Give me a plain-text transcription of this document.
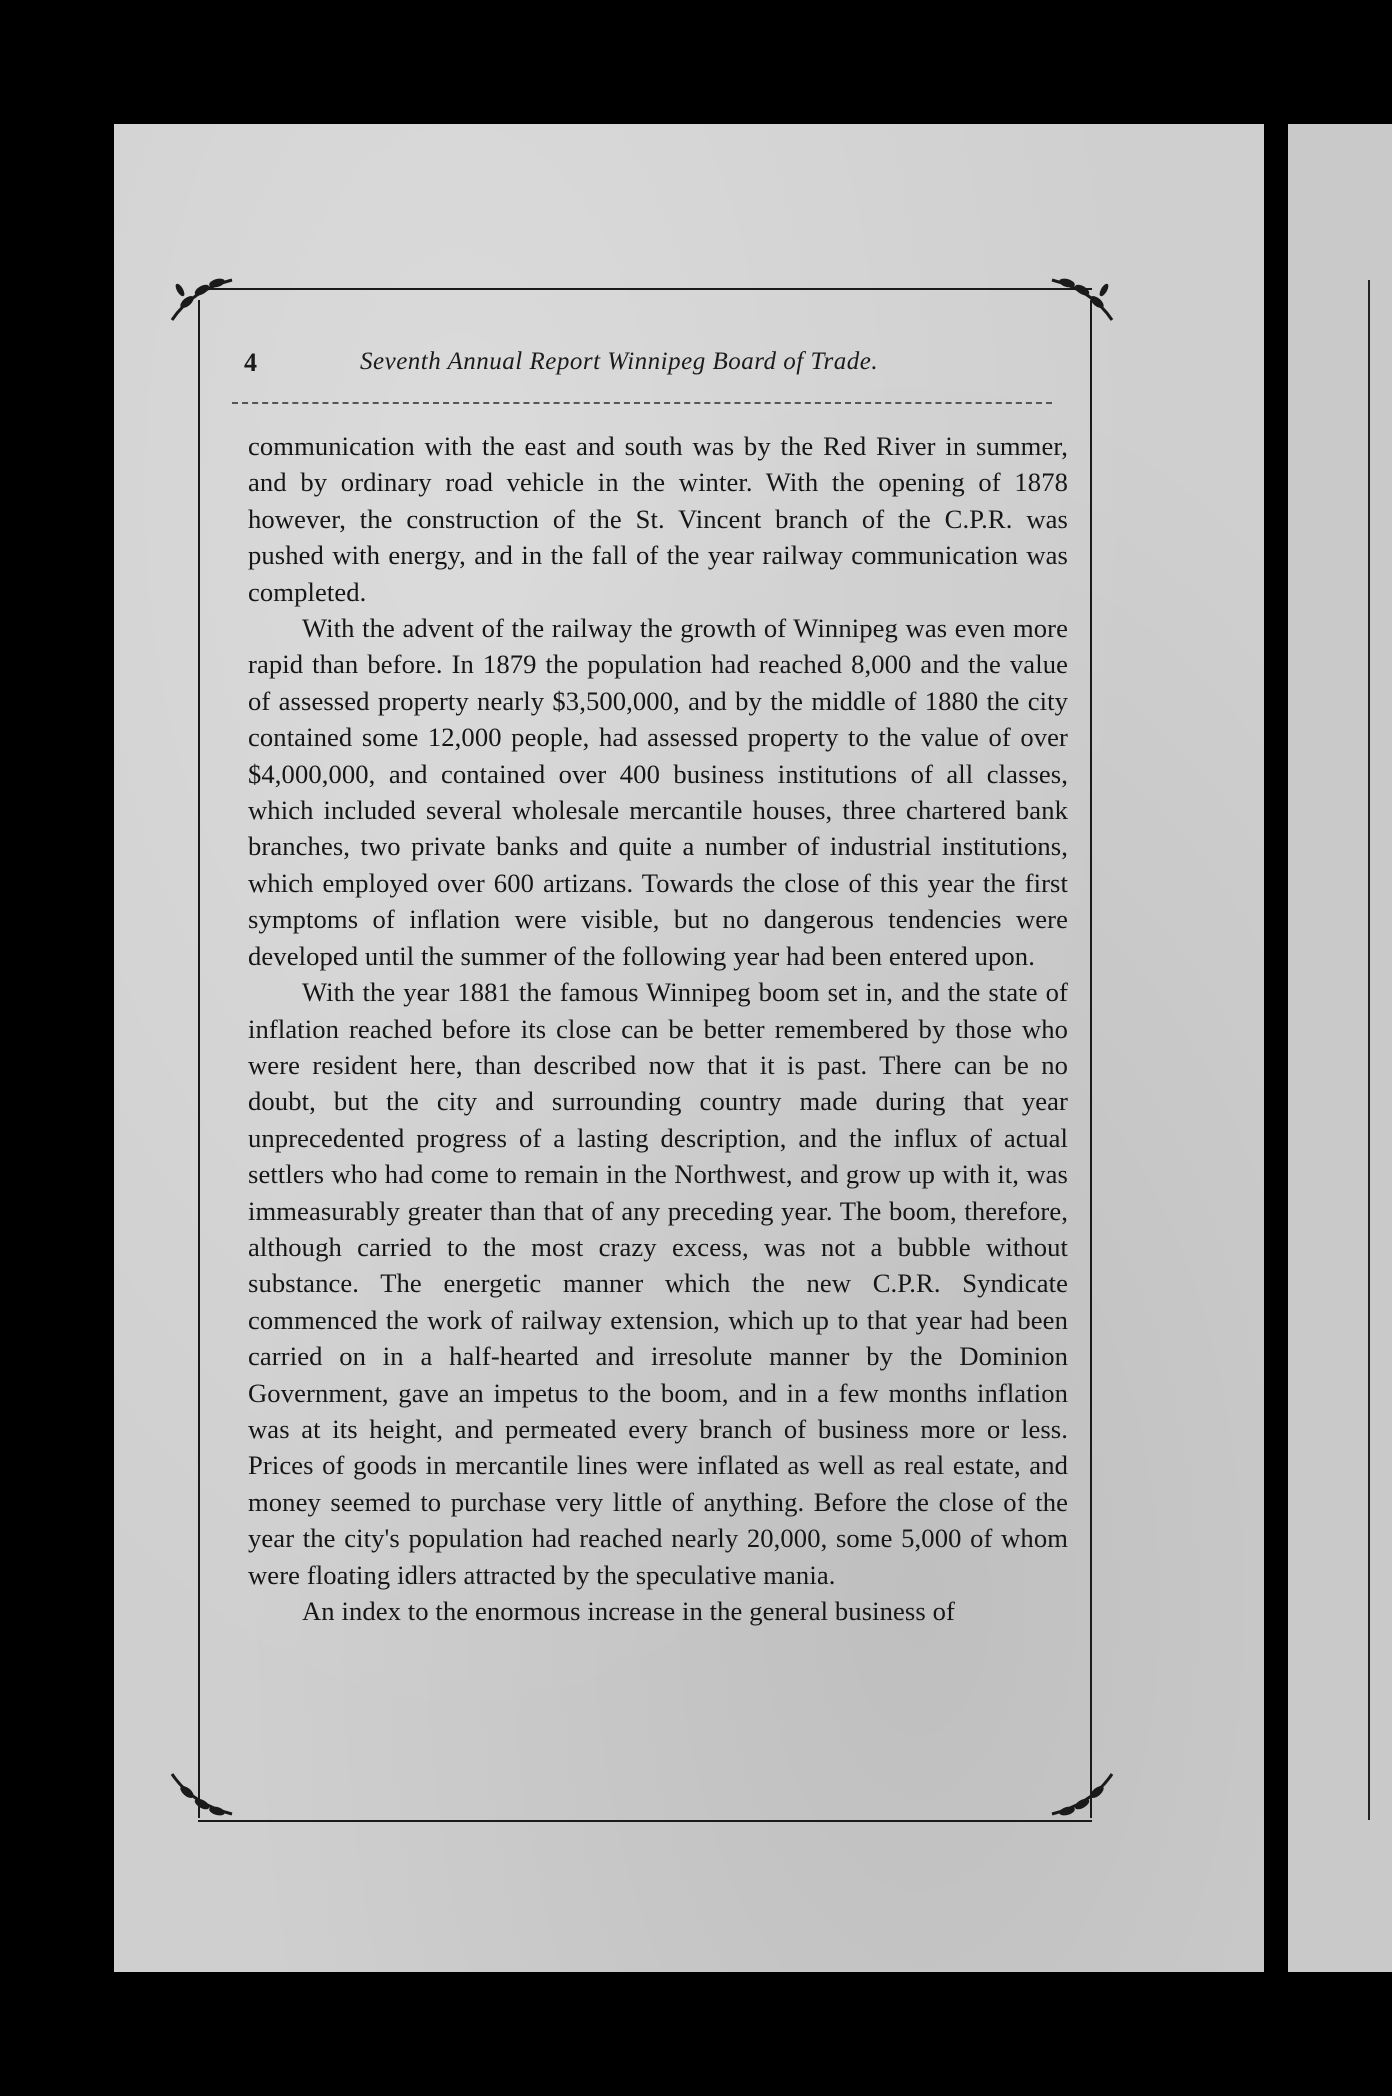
4	Seventh Annual Report Winnipeg Board of Trade.

communication with the east and south was by the Red River in summer, and by ordinary road vehicle in the winter. With the opening of 1878 however, the construction of the St. Vincent branch of the C.P.R. was pushed with energy, and in the fall of the year railway communication was completed.

With the advent of the railway the growth of Winnipeg was even more rapid than before. In 1879 the population had reached 8,000 and the value of assessed property nearly $3,500,000, and by the middle of 1880 the city contained some 12,000 people, had assessed property to the value of over $4,000,000, and contained over 400 business institutions of all classes, which included several wholesale mercantile houses, three chartered bank branches, two private banks and quite a number of industrial institutions, which employed over 600 artizans. Towards the close of this year the first symptoms of inflation were visible, but no dangerous tendencies were developed until the summer of the following year had been entered upon.

With the year 1881 the famous Winnipeg boom set in, and the state of inflation reached before its close can be better remembered by those who were resident here, than described now that it is past. There can be no doubt, but the city and surrounding country made during that year unprecedented progress of a lasting description, and the influx of actual settlers who had come to remain in the Northwest, and grow up with it, was immeasurably greater than that of any preceding year. The boom, therefore, although carried to the most crazy excess, was not a bubble without substance. The energetic manner which the new C.P.R. Syndicate commenced the work of railway extension, which up to that year had been carried on in a half-hearted and irresolute manner by the Dominion Government, gave an impetus to the boom, and in a few months inflation was at its height, and permeated every branch of business more or less. Prices of goods in mercantile lines were inflated as well as real estate, and money seemed to purchase very little of anything. Before the close of the year the city's population had reached nearly 20,000, some 5,000 of whom were floating idlers attracted by the speculative mania.

An index to the enormous increase in the general business of
